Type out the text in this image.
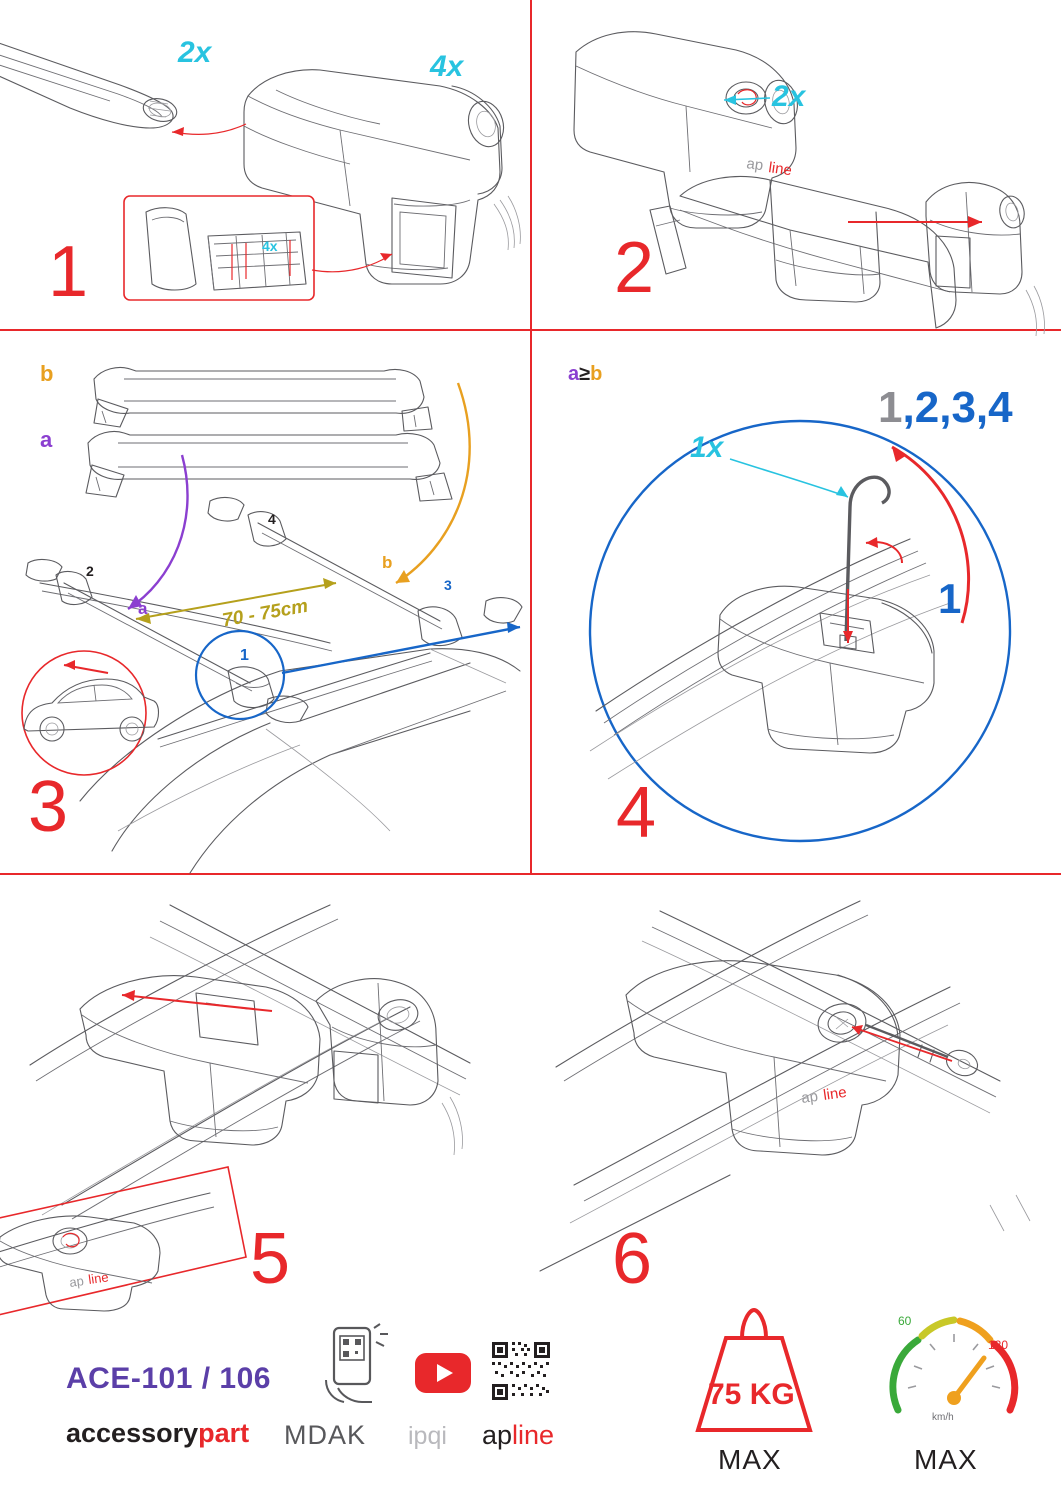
2x	4x
4x
1
ap line
2x
2
b
a
a
b
70 - 75cm
1
2
3
4
3
1x
a≥b
1,2,3,4
1
4
ap line 5
ap line
6
ACE-101 / 106
accessorypart MDAK ipqi apline
75 KG
MAX
60
120
km/h
MAX
